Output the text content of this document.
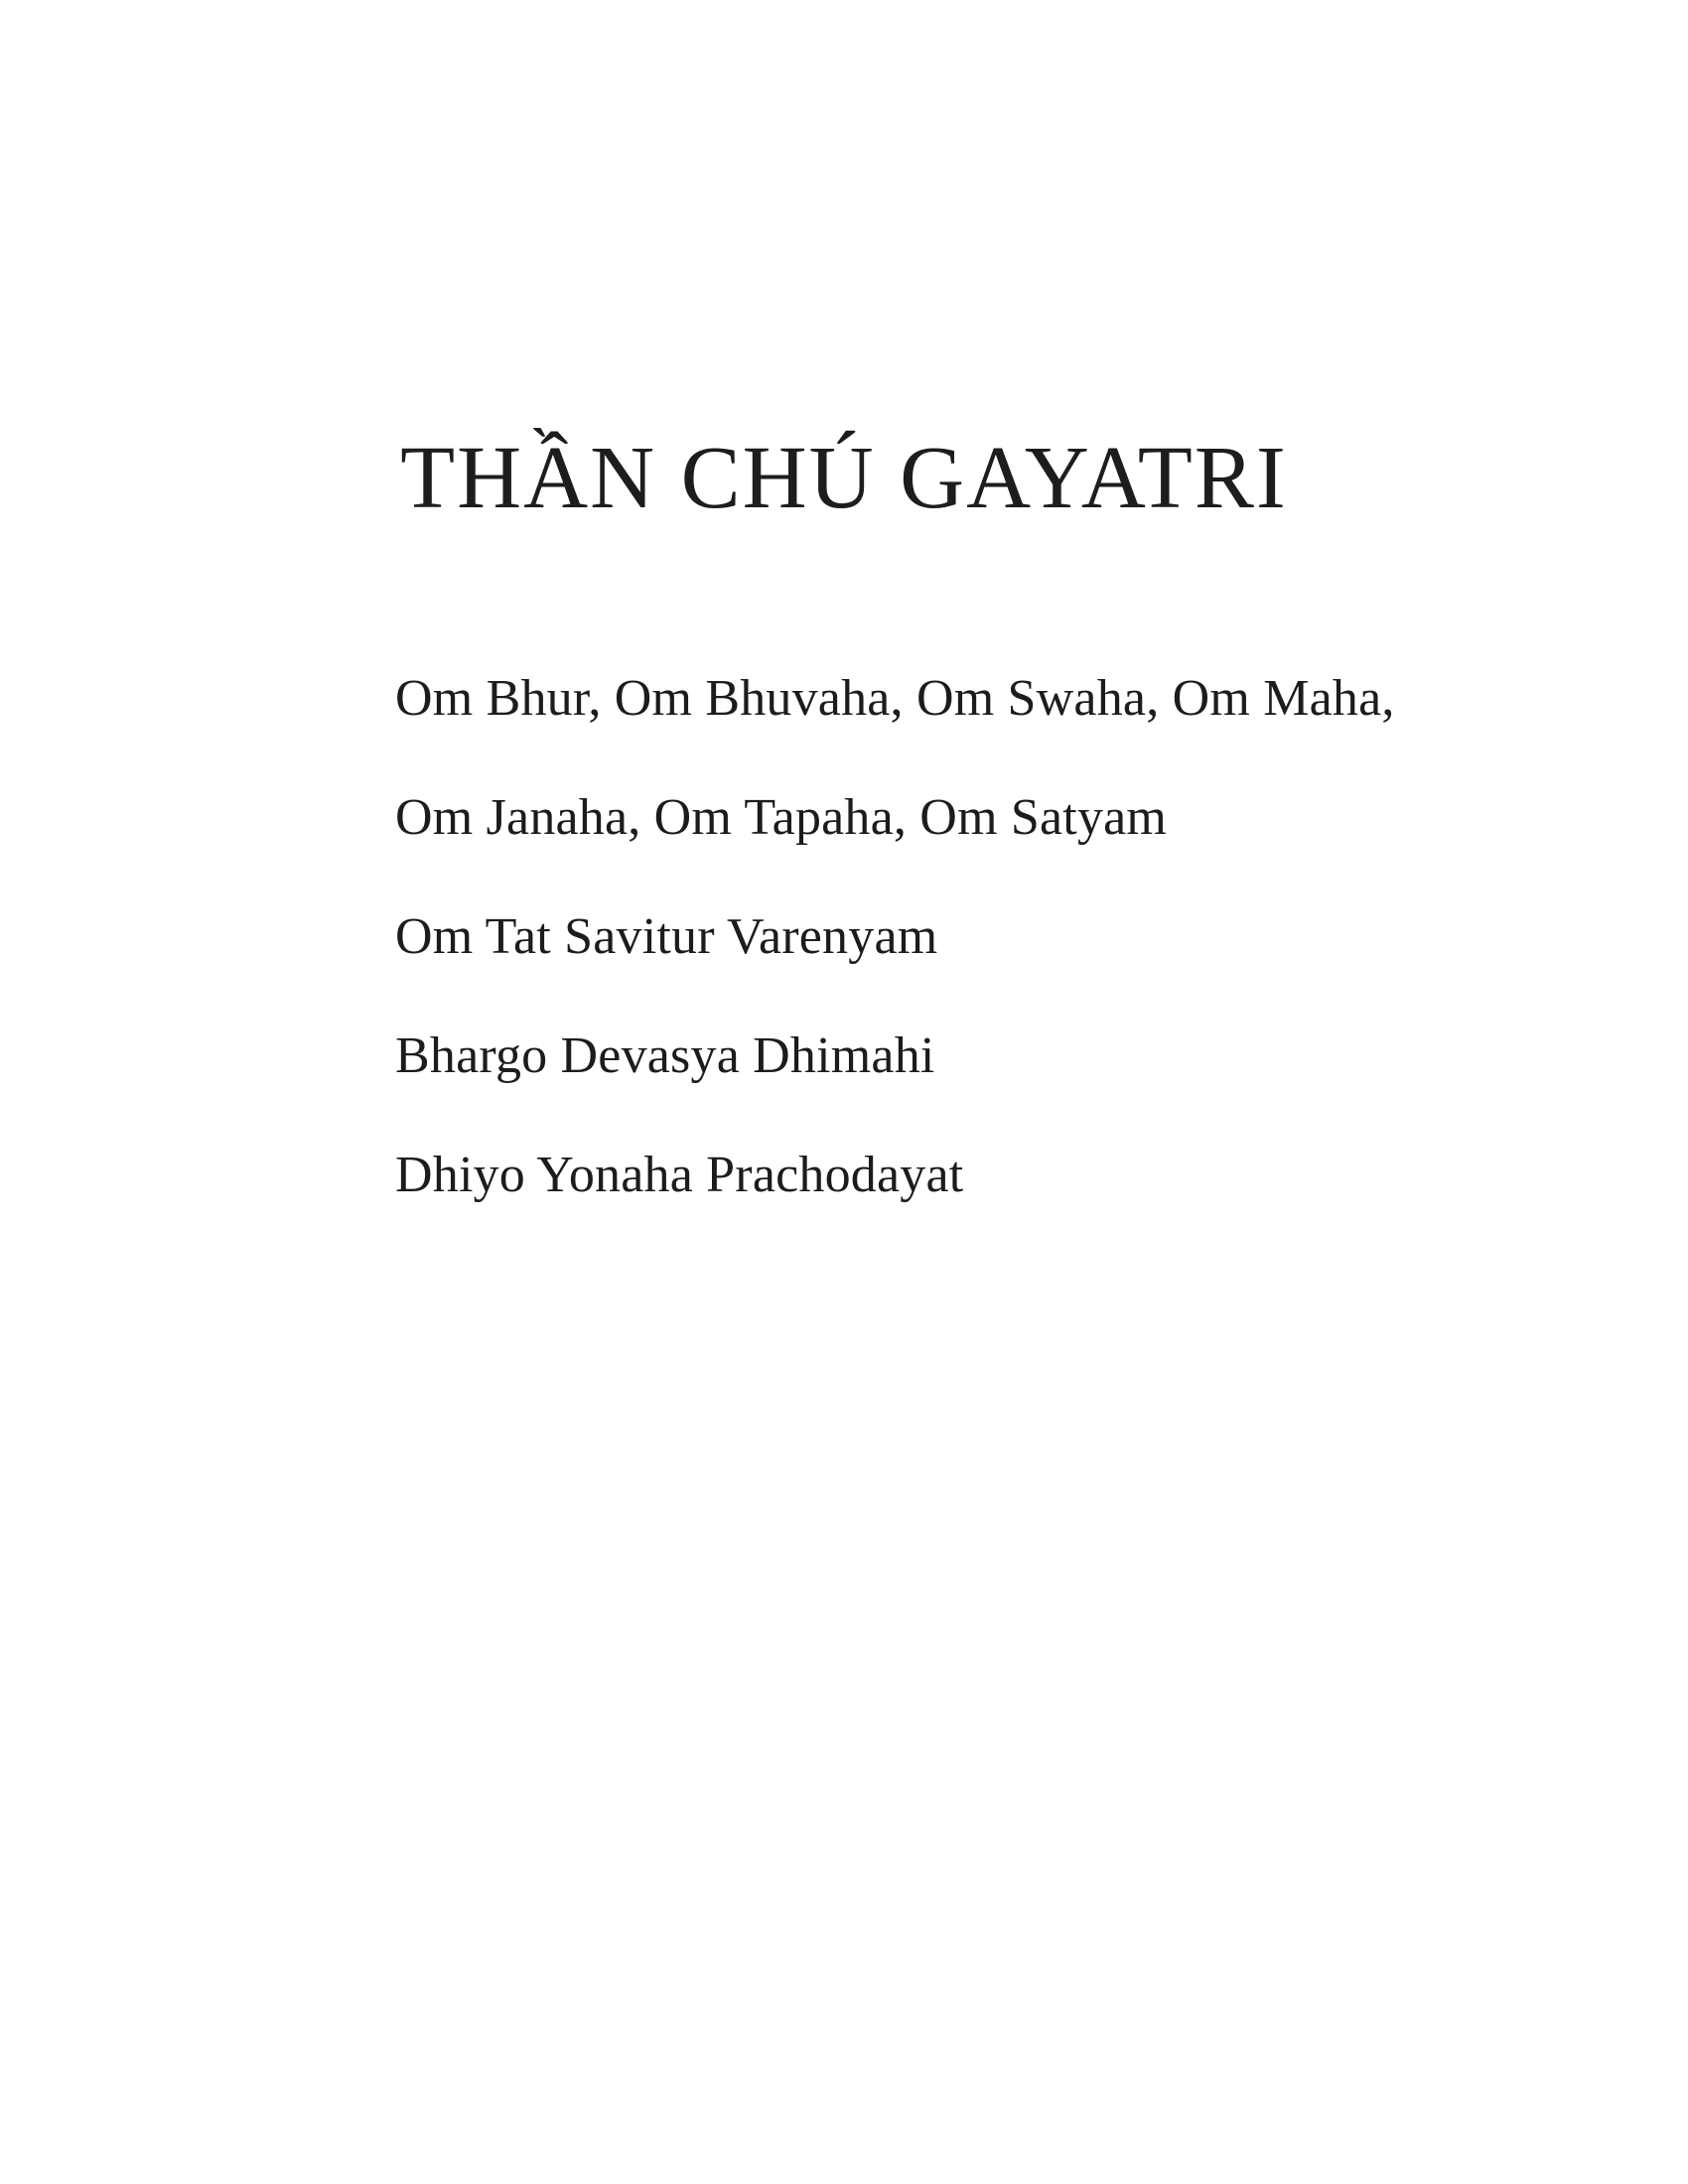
THẦN CHÚ GAYATRI

Om Bhur, Om Bhuvaha, Om Swaha, Om Maha,

Om Janaha, Om Tapaha, Om Satyam

Om Tat Savitur Varenyam

Bhargo Devasya Dhimahi

Dhiyo Yonaha Prachodayat
